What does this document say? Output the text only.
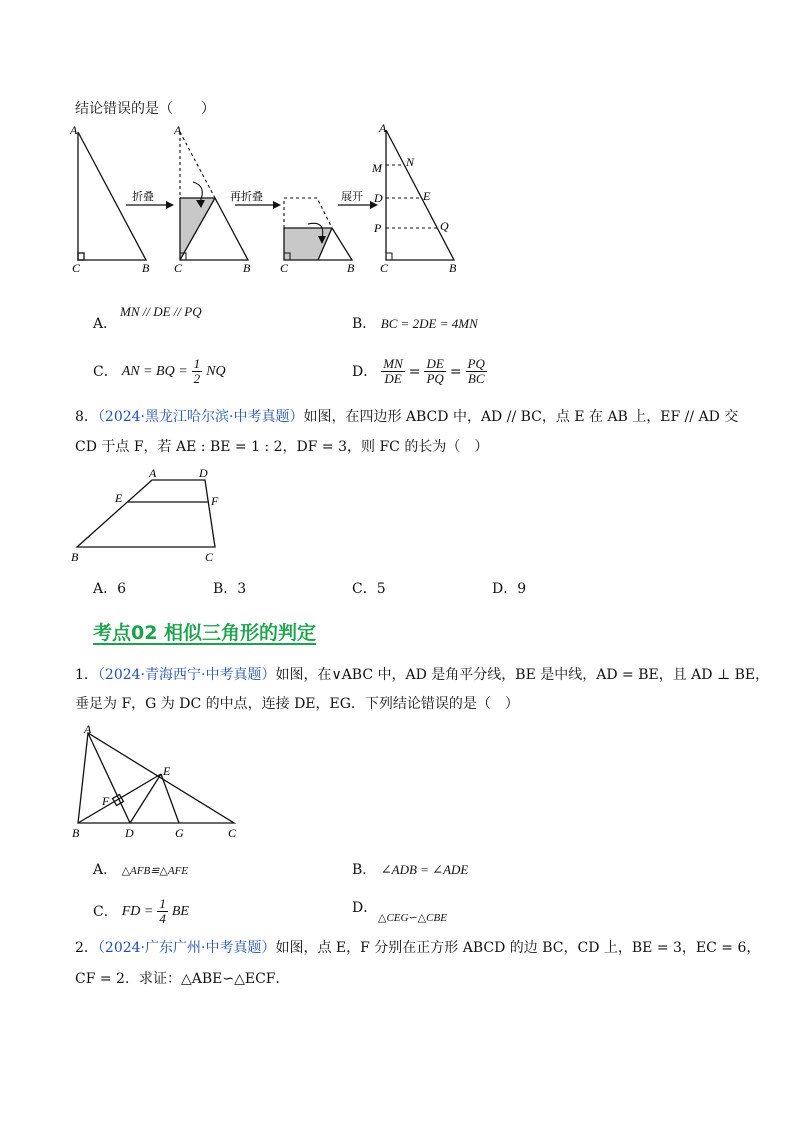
结论错误的是（　　）
A
C	B
折叠
A
C	B
再折叠
C	B
展开
A
M N
D	E
P	Q
C	B
A．
MN // DE // PQ
B． BC = 2DE = 4MN
C． AN = BQ = $\frac{1}{2}$ NQ	D． $\frac{MN}{DE} = \frac{DE}{PQ} = \frac{PQ}{BC}$
8．（2024·黑龙江哈尔滨·中考真题）如图，在四边形 ABCD 中，AD // BC，点 E 在 AB 上，EF // AD 交
CD 于点 F，若 AE : BE = 1 : 2，DF = 3，则 FC 的长为（　）
A	D
E	F
B	C
A．6	B．3	C．5	D．9
考点02 相似三角形的判定
1．（2024·青海西宁·中考真题）如图，在∨ABC 中，AD 是角平分线，BE 是中线，AD = BE，且 AD ⊥ BE，
垂足为 F，G 为 DC 的中点，连接 DE，EG．下列结论错误的是（　）
A
E
F
B	D	G	C
A． △AFB≌△AFE	B． ∠ADB = ∠ADE
C． FD = $\frac{1}{4}$ BE	D．
△CEG∽△CBE
2．（2024·广东广州·中考真题）如图，点 E，F 分别在正方形 ABCD 的边 BC，CD 上，BE = 3，EC = 6，
CF = 2．求证：△ABE∽△ECF．
